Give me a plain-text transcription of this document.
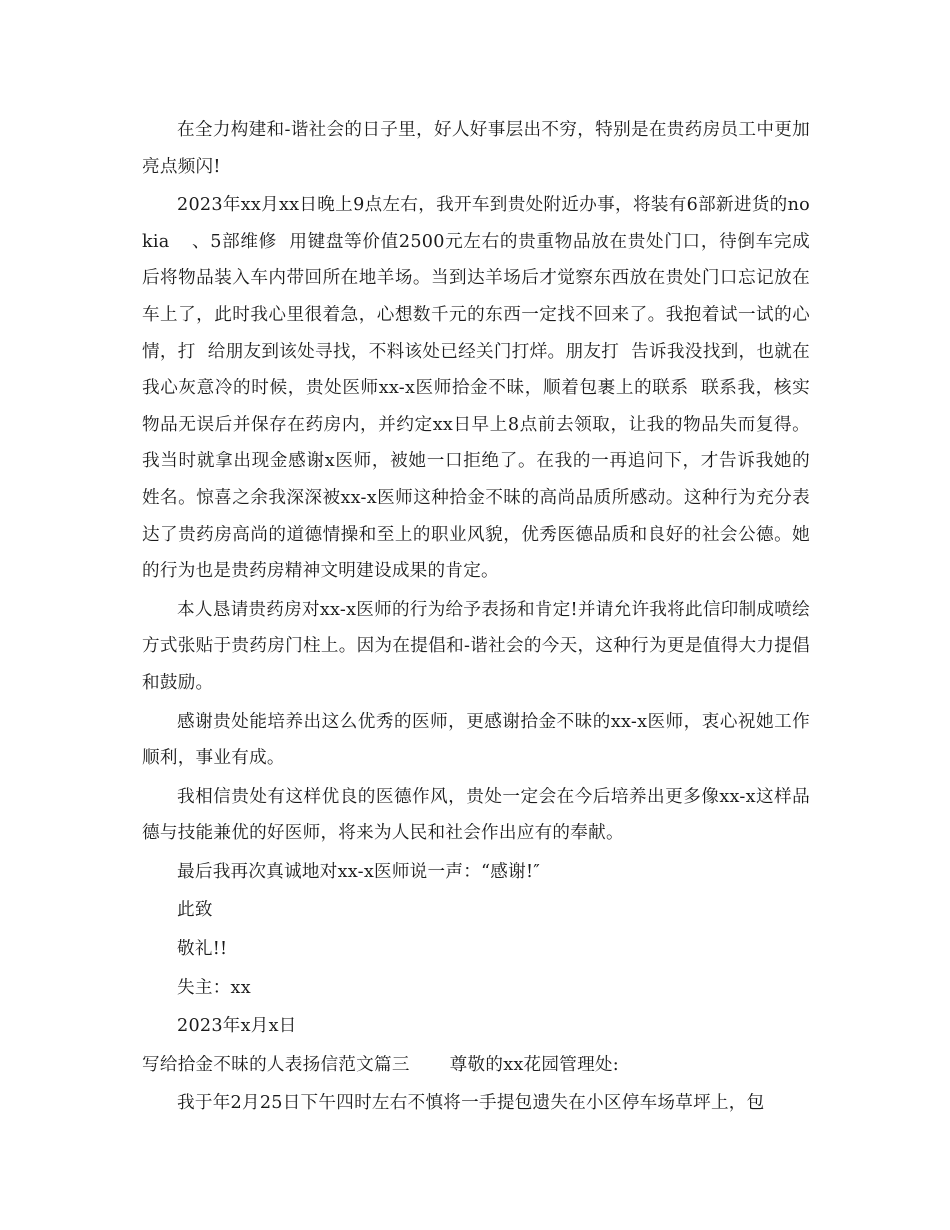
在全力构建和-谐社会的日子里，好人好事层出不穷，特别是在贵药房员工中更加亮点频闪!

2023年xx月xx日晚上9点左右，我开车到贵处附近办事，将装有6部新进货的nokia 、5部维修 用键盘等价值2500元左右的贵重物品放在贵处门口，待倒车完成后将物品装入车内带回所在地羊场。当到达羊场后才觉察东西放在贵处门口忘记放在车上了，此时我心里很着急，心想数千元的东西一定找不回来了。我抱着试一试的心情，打 给朋友到该处寻找，不料该处已经关门打烊。朋友打 告诉我没找到，也就在我心灰意冷的时候，贵处医师xx-x医师拾金不昧，顺着包裹上的联系 联系我，核实物品无误后并保存在药房内，并约定xx日早上8点前去领取，让我的物品失而复得。我当时就拿出现金感谢x医师，被她一口拒绝了。在我的一再追问下，才告诉我她的姓名。惊喜之余我深深被xx-x医师这种拾金不昧的高尚品质所感动。这种行为充分表达了贵药房高尚的道德情操和至上的职业风貌，优秀医德品质和良好的社会公德。她的行为也是贵药房精神文明建设成果的肯定。

本人恳请贵药房对xx-x医师的行为给予表扬和肯定!并请允许我将此信印制成喷绘方式张贴于贵药房门柱上。因为在提倡和-谐社会的今天，这种行为更是值得大力提倡和鼓励。

感谢贵处能培养出这么优秀的医师，更感谢拾金不昧的xx-x医师，衷心祝她工作顺利，事业有成。

我相信贵处有这样优良的医德作风，贵处一定会在今后培养出更多像xx-x这样品德与技能兼优的好医师，将来为人民和社会作出应有的奉献。

最后我再次真诚地对xx-x医师说一声：“感谢!″

此致

敬礼!!

失主：xx

2023年x月x日

写给拾金不昧的人表扬信范文篇三 尊敬的xx花园管理处:

我于年2月25日下午四时左右不慎将一手提包遗失在小区停车场草坪上，包
